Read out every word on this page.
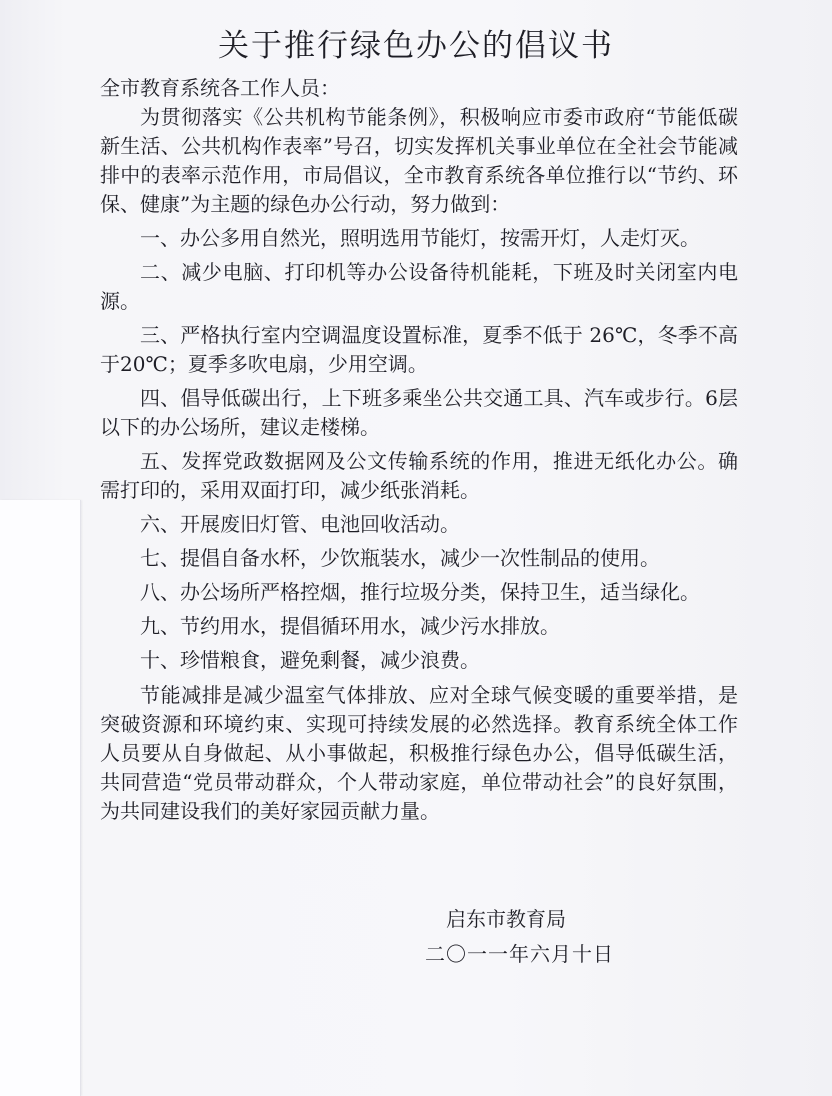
关于推行绿色办公的倡议书

全市教育系统各工作人员：

为贯彻落实《公共机构节能条例》，积极响应市委市政府“节能低碳新生活、公共机构作表率”号召，切实发挥机关事业单位在全社会节能减排中的表率示范作用，市局倡议，全市教育系统各单位推行以“节约、环保、健康”为主题的绿色办公行动，努力做到：

一、办公多用自然光，照明选用节能灯，按需开灯，人走灯灭。

二、减少电脑、打印机等办公设备待机能耗，下班及时关闭室内电源。

三、严格执行室内空调温度设置标准，夏季不低于 26℃，冬季不高于20℃；夏季多吹电扇，少用空调。

四、倡导低碳出行，上下班多乘坐公共交通工具、汽车或步行。6层以下的办公场所，建议走楼梯。

五、发挥党政数据网及公文传输系统的作用，推进无纸化办公。确需打印的，采用双面打印，减少纸张消耗。

六、开展废旧灯管、电池回收活动。

七、提倡自备水杯，少饮瓶装水，减少一次性制品的使用。

八、办公场所严格控烟，推行垃圾分类，保持卫生，适当绿化。

九、节约用水，提倡循环用水，减少污水排放。

十、珍惜粮食，避免剩餐，减少浪费。

节能减排是减少温室气体排放、应对全球气候变暖的重要举措，是突破资源和环境约束、实现可持续发展的必然选择。教育系统全体工作人员要从自身做起、从小事做起，积极推行绿色办公，倡导低碳生活，共同营造“党员带动群众，个人带动家庭，单位带动社会”的良好氛围，为共同建设我们的美好家园贡献力量。

启东市教育局

二〇一一年六月十日
